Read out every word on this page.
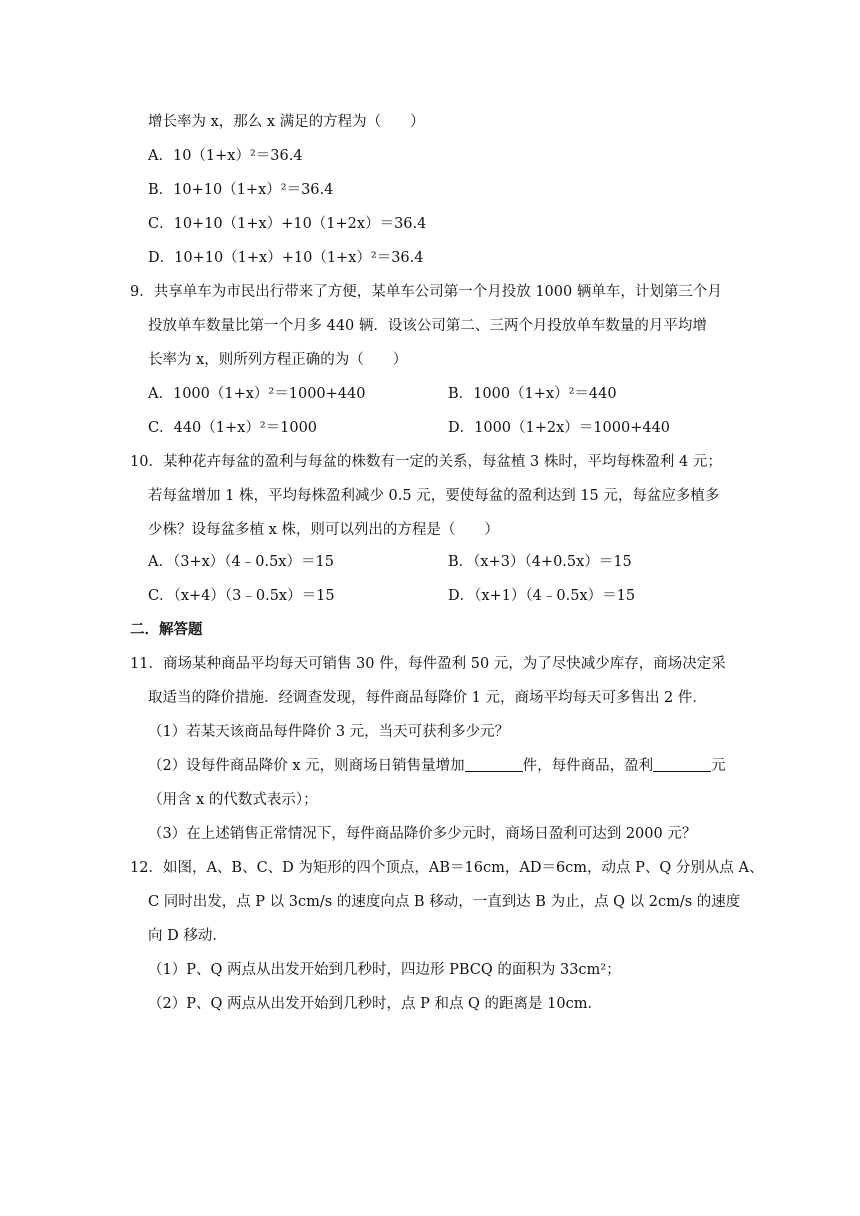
增长率为 x，那么 x 满足的方程为（　　）
A．10（1+x）²＝36.4
B．10+10（1+x）²＝36.4
C．10+10（1+x）+10（1+2x）＝36.4
D．10+10（1+x）+10（1+x）²＝36.4
9．共享单车为市民出行带来了方便，某单车公司第一个月投放 1000 辆单车，计划第三个月
投放单车数量比第一个月多 440 辆．设该公司第二、三两个月投放单车数量的月平均增
长率为 x，则所列方程正确的为（　　）
A．1000（1+x）²＝1000+440	B．1000（1+x）²＝440
C．440（1+x）²＝1000	D．1000（1+2x）＝1000+440
10．某种花卉每盆的盈利与每盆的株数有一定的关系，每盆植 3 株时，平均每株盈利 4 元；
若每盆增加 1 株，平均每株盈利减少 0.5 元，要使每盆的盈利达到 15 元，每盆应多植多
少株？设每盆多植 x 株，则可以列出的方程是（　　）
A．（3+x）（4﹣0.5x）＝15	B．（x+3）（4+0.5x）＝15
C．（x+4）（3﹣0.5x）＝15	D．（x+1）（4﹣0.5x）＝15
二．解答题
11．商场某种商品平均每天可销售 30 件，每件盈利 50 元，为了尽快减少库存，商场决定采
取适当的降价措施．经调查发现，每件商品每降价 1 元，商场平均每天可多售出 2 件．
（1）若某天该商品每件降价 3 元，当天可获利多少元？
（2）设每件商品降价 x 元，则商场日销售量增加	件，每件商品，盈利	元
（用含 x 的代数式表示）；
（3）在上述销售正常情况下，每件商品降价多少元时，商场日盈利可达到 2000 元？
12．如图，A、B、C、D 为矩形的四个顶点，AB＝16cm，AD＝6cm，动点 P、Q 分别从点 A、
C 同时出发，点 P 以 3cm/s 的速度向点 B 移动，一直到达 B 为止，点 Q 以 2cm/s 的速度
向 D 移动．
（1）P、Q 两点从出发开始到几秒时，四边形 PBCQ 的面积为 33cm²；
（2）P、Q 两点从出发开始到几秒时，点 P 和点 Q 的距离是 10cm．
